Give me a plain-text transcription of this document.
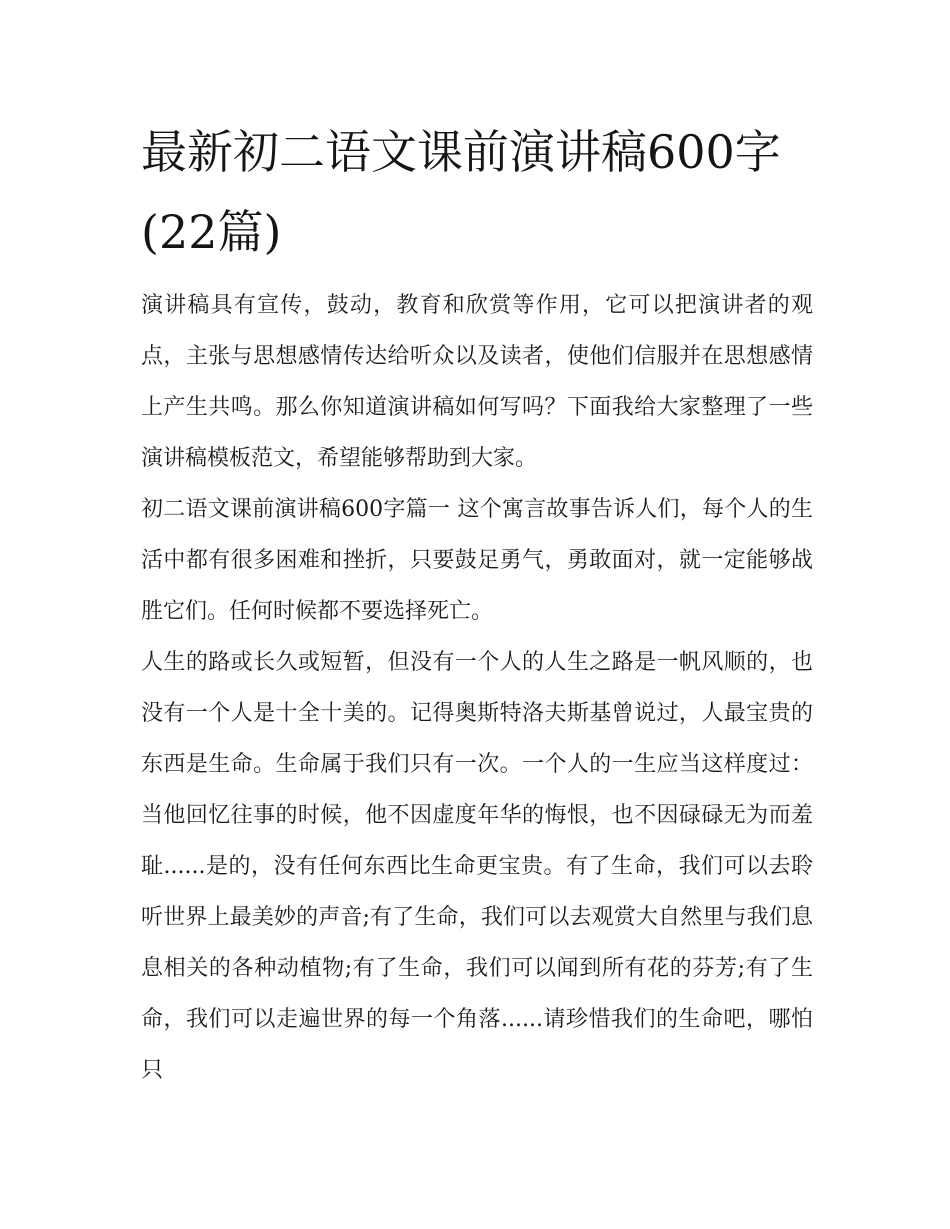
最新初二语文课前演讲稿600字(22篇)

演讲稿具有宣传，鼓动，教育和欣赏等作用，它可以把演讲者的观点，主张与思想感情传达给听众以及读者，使他们信服并在思想感情上产生共鸣。那么你知道演讲稿如何写吗？下面我给大家整理了一些演讲稿模板范文，希望能够帮助到大家。

初二语文课前演讲稿600字篇一 这个寓言故事告诉人们，每个人的生活中都有很多困难和挫折，只要鼓足勇气，勇敢面对，就一定能够战胜它们。任何时候都不要选择死亡。

人生的路或长久或短暂，但没有一个人的人生之路是一帆风顺的，也没有一个人是十全十美的。记得奥斯特洛夫斯基曾说过，人最宝贵的东西是生命。生命属于我们只有一次。一个人的一生应当这样度过：当他回忆往事的时候，他不因虚度年华的悔恨，也不因碌碌无为而羞耻......是的，没有任何东西比生命更宝贵。有了生命，我们可以去聆听世界上最美妙的声音;有了生命，我们可以去观赏大自然里与我们息息相关的各种动植物;有了生命，我们可以闻到所有花的芬芳;有了生命，我们可以走遍世界的每一个角落......请珍惜我们的生命吧，哪怕只
